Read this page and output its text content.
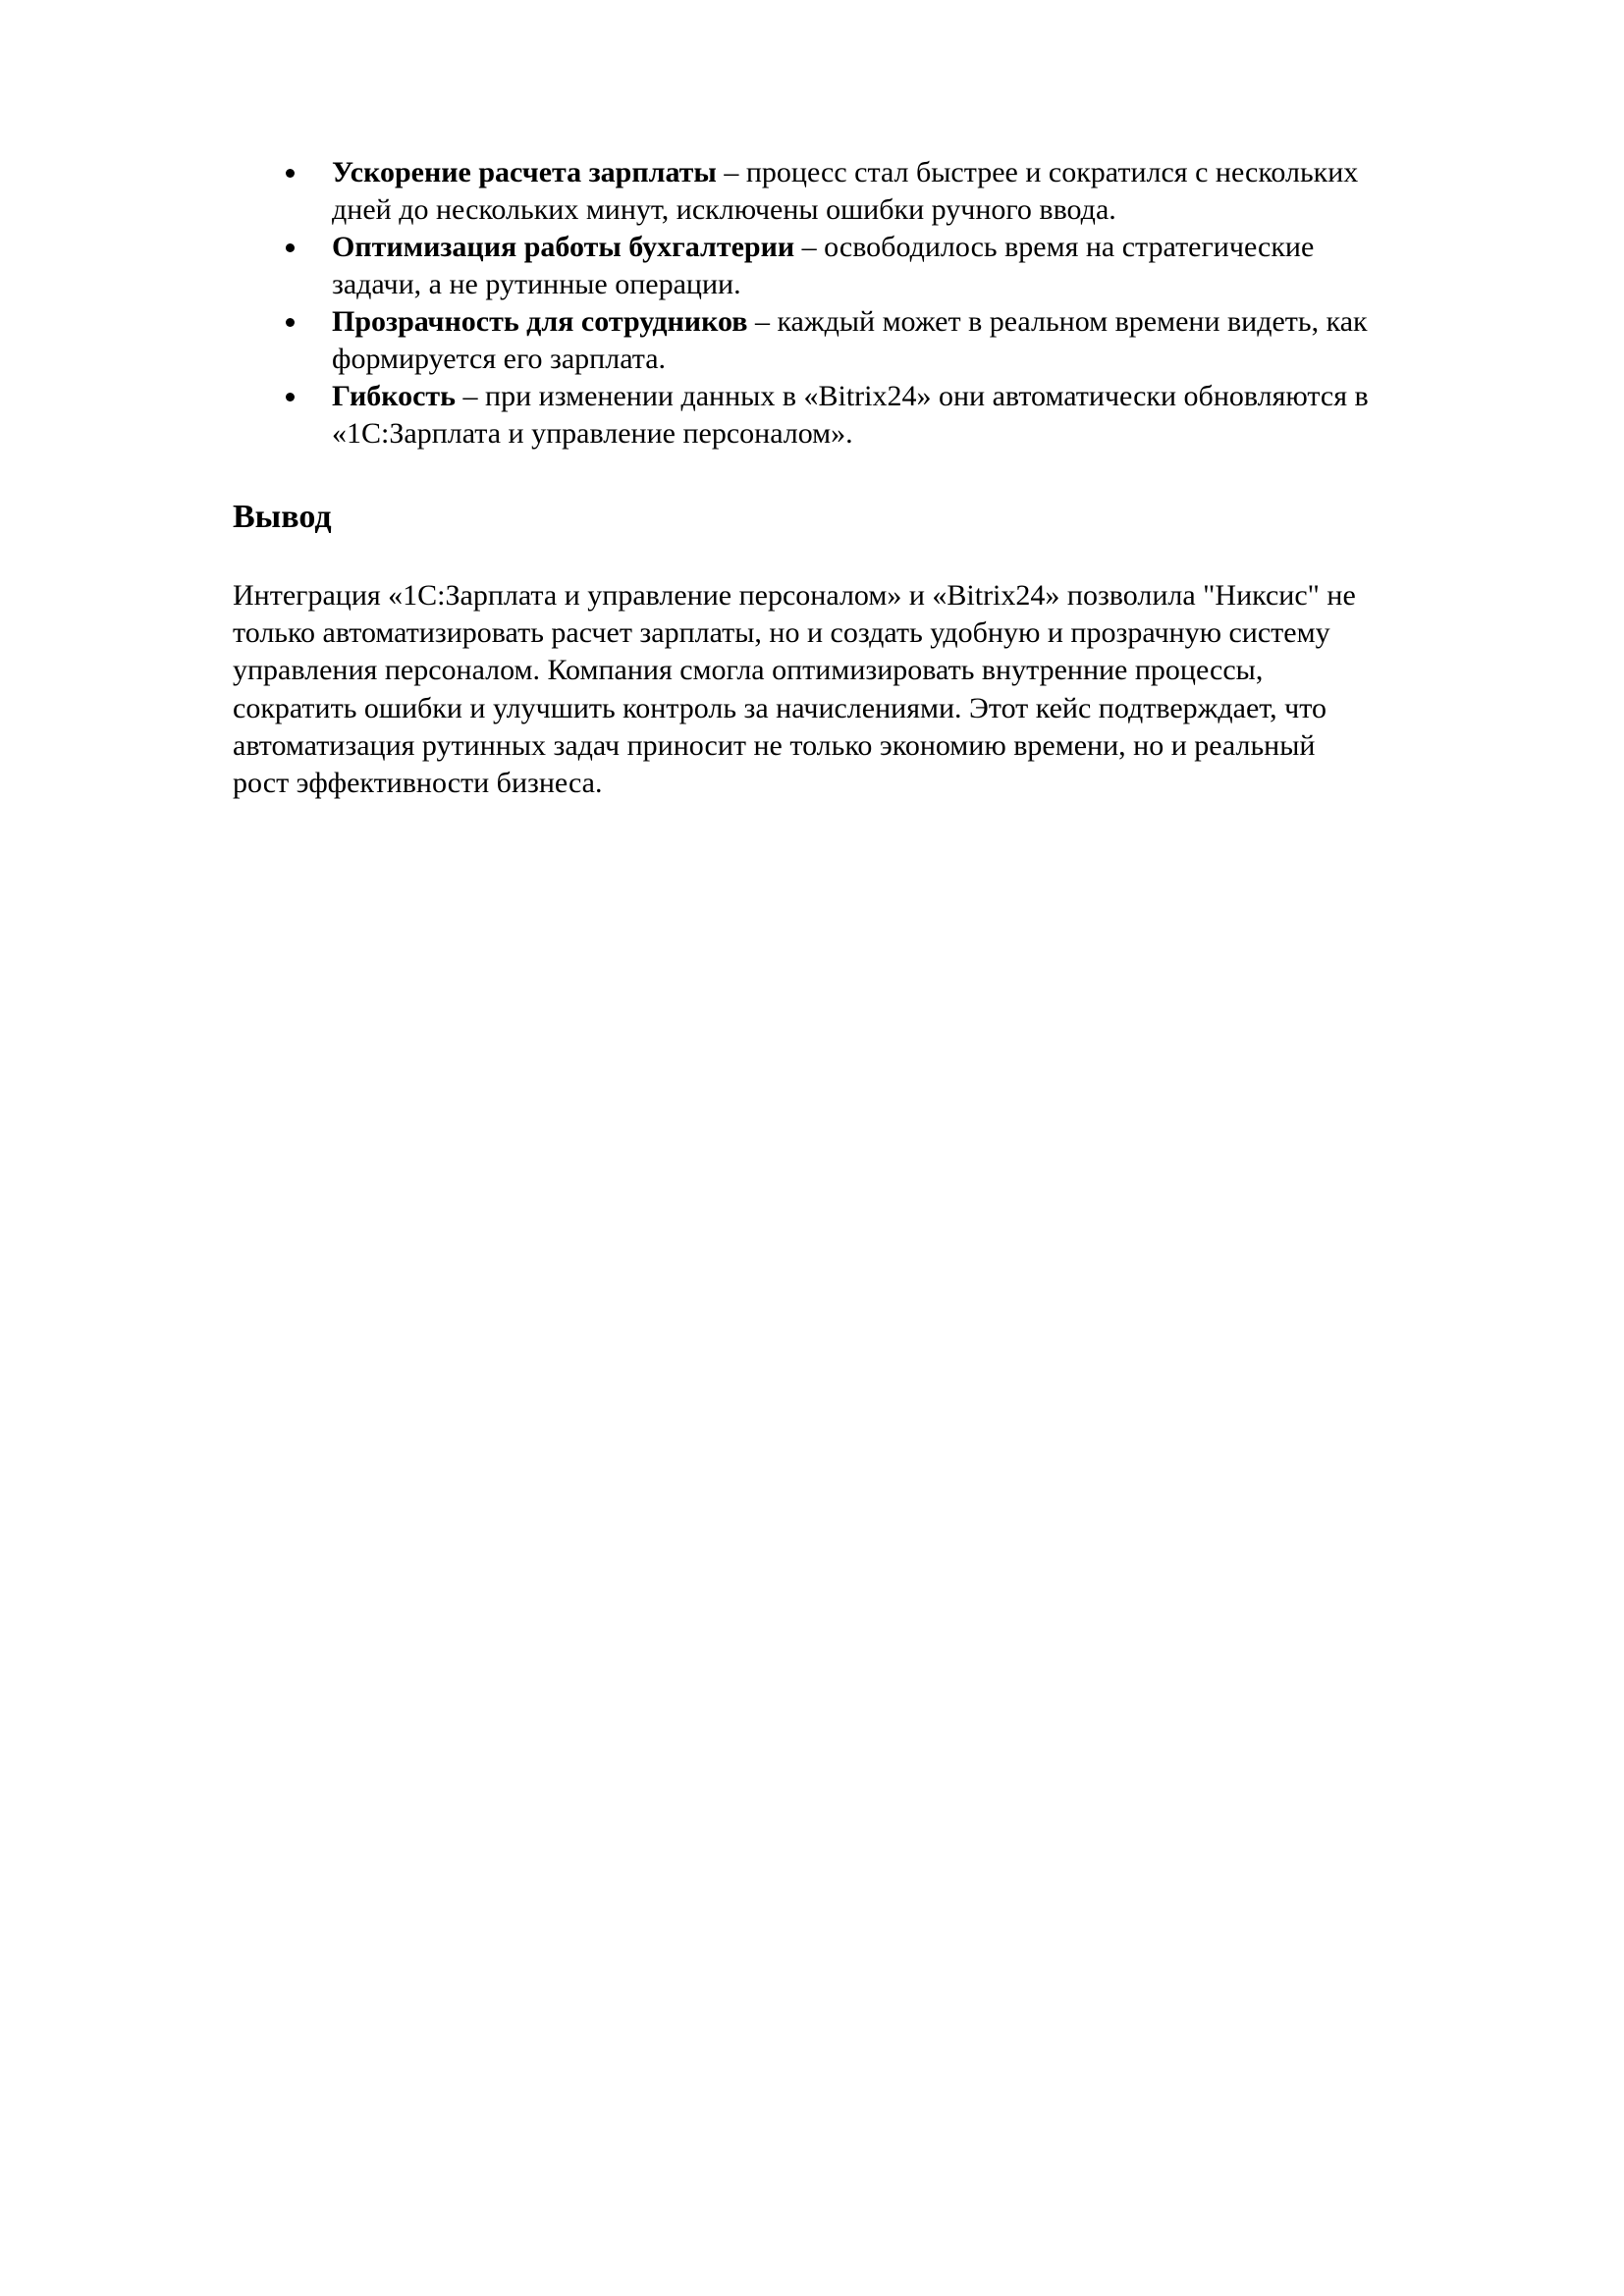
Ускорение расчета зарплаты – процесс стал быстрее и сократился с нескольких
дней до нескольких минут, исключены ошибки ручного ввода.
Оптимизация работы бухгалтерии – освободилось время на стратегические
задачи, а не рутинные операции.
Прозрачность для сотрудников – каждый может в реальном времени видеть, как
формируется его зарплата.
Гибкость – при изменении данных в «Bitrix24» они автоматически обновляются в
«1С:Зарплата и управление персоналом».
Вывод

Интеграция «1С:Зарплата и управление персоналом» и «Bitrix24» позволила "Никсис" не
только автоматизировать расчет зарплаты, но и создать удобную и прозрачную систему
управления персоналом. Компания смогла оптимизировать внутренние процессы,
сократить ошибки и улучшить контроль за начислениями. Этот кейс подтверждает, что
автоматизация рутинных задач приносит не только экономию времени, но и реальный
рост эффективности бизнеса.
